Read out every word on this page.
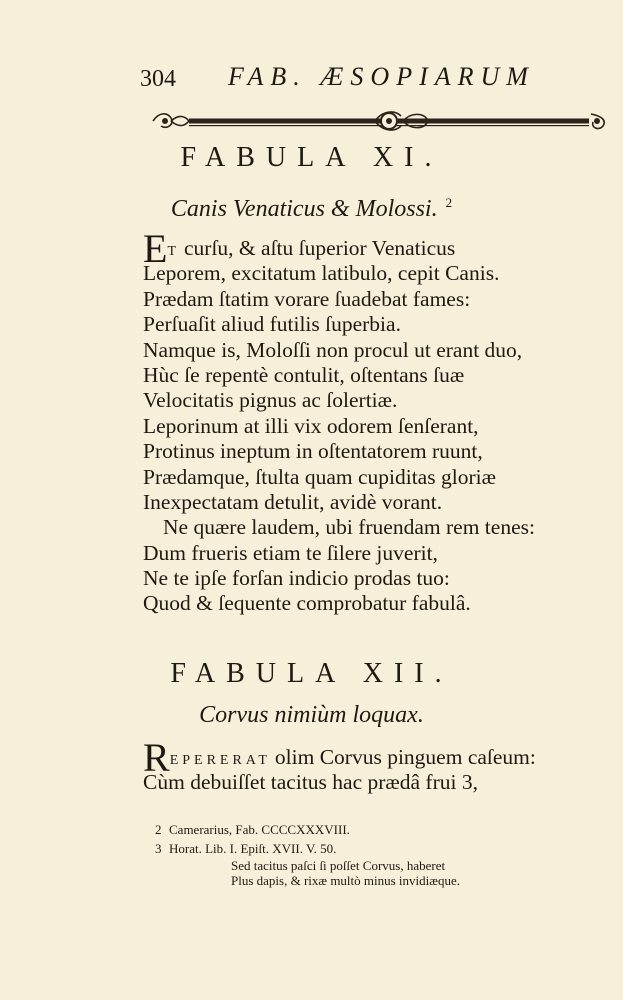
304 FAB. ÆSOPIARUM
FABULA XI.
Canis Venaticus & Molossi. $^2$
ET curſu, & aſtu ſuperior Venaticus
Leporem, excitatum latibulo, cepit Canis.
Prædam ſtatim vorare ſuadebat fames:
Perſuaſit aliud futilis ſuperbia.
Namque is, Moloſſi non procul ut erant duo,
Hùc ſe repentè contulit, oſtentans ſuæ
Velocitatis pignus ac ſolertiæ.
Leporinum at illi vix odorem ſenſerant,
Protinus ineptum in oſtentatorem ruunt,
Prædamque, ſtulta quam cupiditas gloriæ
Inexpectatam detulit, avidè vorant.
Ne quære laudem, ubi fruendam rem tenes:
Dum frueris etiam te ſilere juverit,
Ne te ipſe forſan indicio prodas tuo:
Quod & ſequente comprobatur fabulâ.
FABULA XII.
Corvus nimiùm loquax.
REPERERAT olim Corvus pinguem caſeum:
Cùm debuiſſet tacitus hac prædâ frui 3,
2 Camerarius, Fab. CCCCXXXVIII.
3 Horat. Lib. I. Epiſt. XVII. V. 50.
Sed tacitus paſci ſi poſſet Corvus, haberet
Plus dapis, & rixæ multò minus invidiæque.
